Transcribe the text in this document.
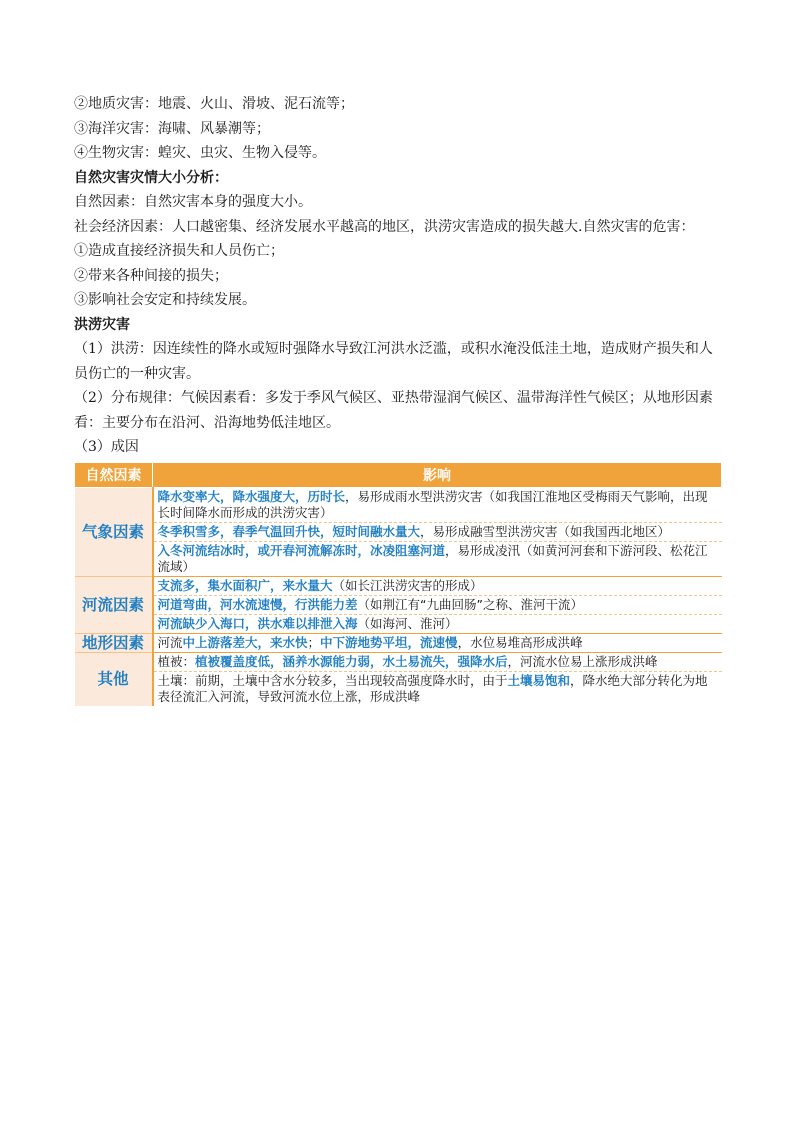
②地质灾害：地震、火山、滑坡、泥石流等；
③海洋灾害：海啸、风暴潮等；
④生物灾害：蝗灾、虫灾、生物入侵等。
自然灾害灾情大小分析：
自然因素：自然灾害本身的强度大小。
社会经济因素：人口越密集、经济发展水平越高的地区，洪涝灾害造成的损失越大.自然灾害的危害：
①造成直接经济损失和人员伤亡；
②带来各种间接的损失；
③影响社会安定和持续发展。
洪涝灾害
（1）洪涝：因连续性的降水或短时强降水导致江河洪水泛滥，或积水淹没低洼土地，造成财产损失和人员伤亡的一种灾害。
（2）分布规律：气候因素看：多发于季风气候区、亚热带湿润气候区、温带海洋性气候区；从地形因素看：主要分布在沿河、沿海地势低洼地区。
（3）成因
自然因素	影响
气象因素	降水变率大，降水强度大，历时长，易形成雨水型洪涝灾害（如我国江淮地区受梅雨天气影响，出现长时间降水而形成的洪涝灾害）
	冬季积雪多，春季气温回升快，短时间融水量大，易形成融雪型洪涝灾害（如我国西北地区）
	入冬河流结冰时，或开春河流解冻时，冰凌阻塞河道，易形成凌汛（如黄河河套和下游河段、松花江流域）
河流因素	支流多，集水面积广，来水量大（如长江洪涝灾害的形成）
	河道弯曲，河水流速慢，行洪能力差（如荆江有“九曲回肠”之称、淮河干流）
	河流缺少入海口，洪水难以排泄入海（如海河、淮河）
地形因素	河流中上游落差大，来水快；中下游地势平坦，流速慢，水位易堆高形成洪峰
其他	植被：植被覆盖度低，涵养水源能力弱，水土易流失，强降水后，河流水位易上涨形成洪峰
	土壤：前期，土壤中含水分较多，当出现较高强度降水时，由于土壤易饱和，降水绝大部分转化为地表径流汇入河流，导致河流水位上涨，形成洪峰
